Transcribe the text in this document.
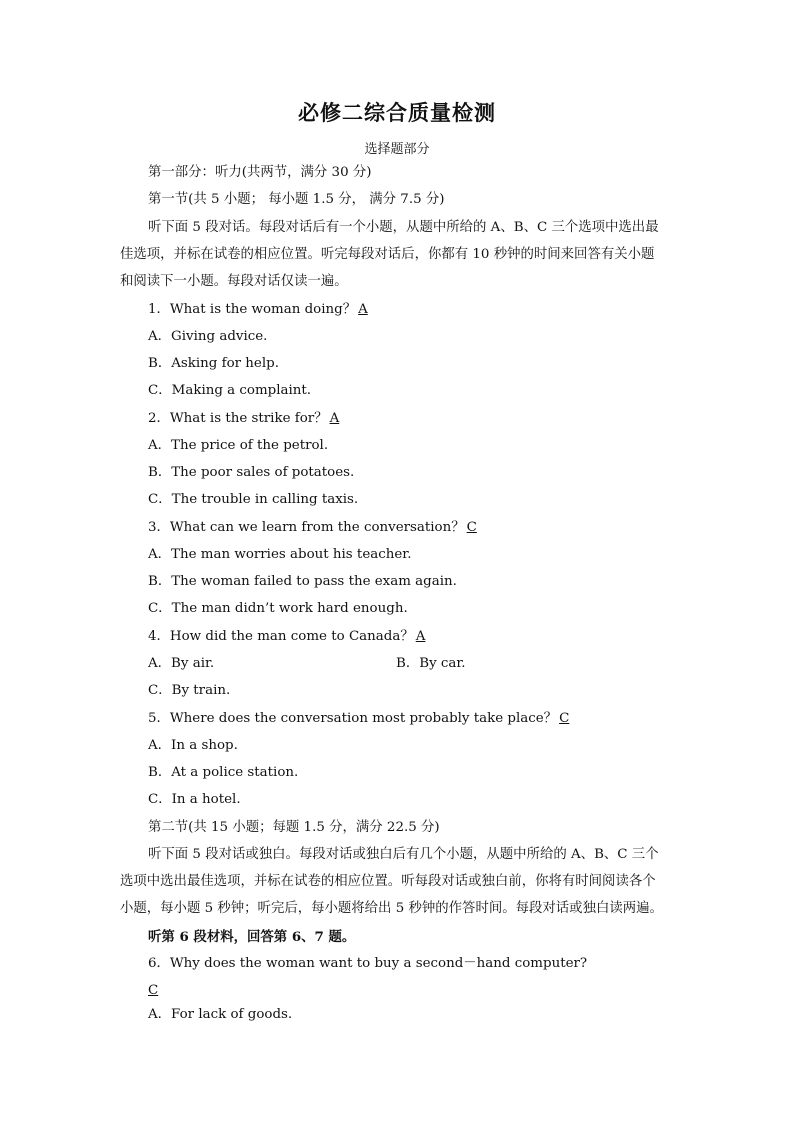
必修二综合质量检测
选择题部分
第一部分：听力(共两节，满分 30 分)
第一节(共 5 小题； 每小题 1.5 分， 满分 7.5 分)
听下面 5 段对话。每段对话后有一个小题，从题中所给的 A、B、C 三个选项中选出最
佳选项，并标在试卷的相应位置。听完每段对话后，你都有 10 秒钟的时间来回答有关小题
和阅读下一小题。每段对话仅读一遍。
1．What is the woman doing？ A
A．Giving advice.
B．Asking for help.
C．Making a complaint.
2．What is the strike for？ A
A．The price of the petrol.
B．The poor sales of potatoes.
C．The trouble in calling taxis.
3．What can we learn from the conversation？ C
A．The man worries about his teacher.
B．The woman failed to pass the exam again.
C．The man didn’t work hard enough.
4．How did the man come to Canada？ A
A．By air.	B．By car.
C．By train.
5．Where does the conversation most probably take place？ C
A．In a shop.
B．At a police station.
C．In a hotel.
第二节(共 15 小题；每题 1.5 分，满分 22.5 分)
听下面 5 段对话或独白。每段对话或独白后有几个小题，从题中所给的 A、B、C 三个
选项中选出最佳选项，并标在试卷的相应位置。听每段对话或独白前，你将有时间阅读各个
小题，每小题 5 秒钟；听完后，每小题将给出 5 秒钟的作答时间。每段对话或独白读两遍。
听第 6 段材料，回答第 6、7 题。
6．Why does the woman want to buy a second－hand computer?
C
A．For lack of goods.
